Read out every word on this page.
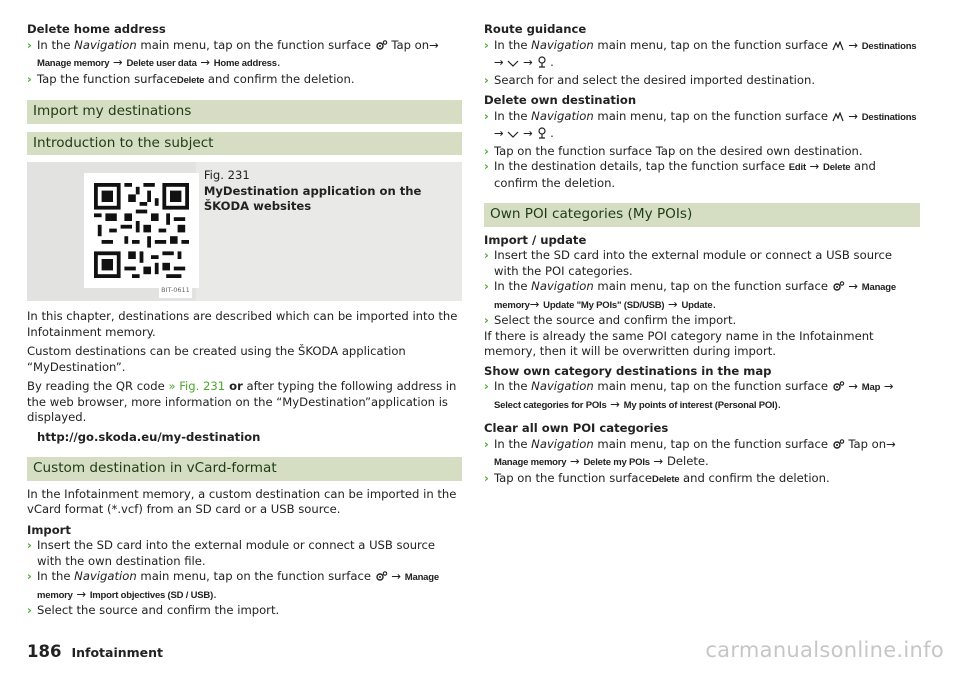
Delete home address

› In the Navigation main menu, tap on the function surface  Tap on→ Manage memory → Delete user data → Home address.
› Tap the function surfaceDelete and confirm the deletion.
Import my destinations
Introduction to the subject
BIT-0611
Fig. 231
MyDestination application on the ŠKODA websites

In this chapter, destinations are described which can be imported into the Infotainment memory.

Custom destinations can be created using the ŠKODA application “MyDestination”.

By reading the QR code » Fig. 231 or after typing the following address in the web browser, more information on the “MyDestination”application is displayed.

http://go.skoda.eu/my-destination

Custom destination in vCard-format

In the Infotainment memory, a custom destination can be imported in the vCard format (*.vcf) from an SD card or a USB source.

Import

› Insert the SD card into the external module or connect a USB source with the own destination file.
› In the Navigation main menu, tap on the function surface  → Manage memory → Import objectives (SD / USB).
› Select the source and confirm the import.

Route guidance

› In the Navigation main menu, tap on the function surface  → Destinations →  →  .
› Search for and select the desired imported destination.

Delete own destination

› In the Navigation main menu, tap on the function surface  → Destinations →  →  .
› Tap on the function surface Tap on the desired own destination.
› In the destination details, tap the function surface Edit → Delete and confirm the deletion.
Own POI categories (My POIs)

Import / update

› Insert the SD card into the external module or connect a USB source with the POI categories.
› In the Navigation main menu, tap on the function surface  → Manage memory→ Update "My POIs" (SD/USB) → Update.
› Select the source and confirm the import.

If there is already the same POI category name in the Infotainment memory, then it will be overwritten during import.

Show own category destinations in the map

› In the Navigation main menu, tap on the function surface  → Map → Select categories for POIs → My points of interest (Personal POI).

Clear all own POI categories

› In the Navigation main menu, tap on the function surface  Tap on→ Manage memory → Delete my POIs → Delete.
› Tap on the function surfaceDelete and confirm the deletion.
186 Infotainment	carmanualsonline.info
